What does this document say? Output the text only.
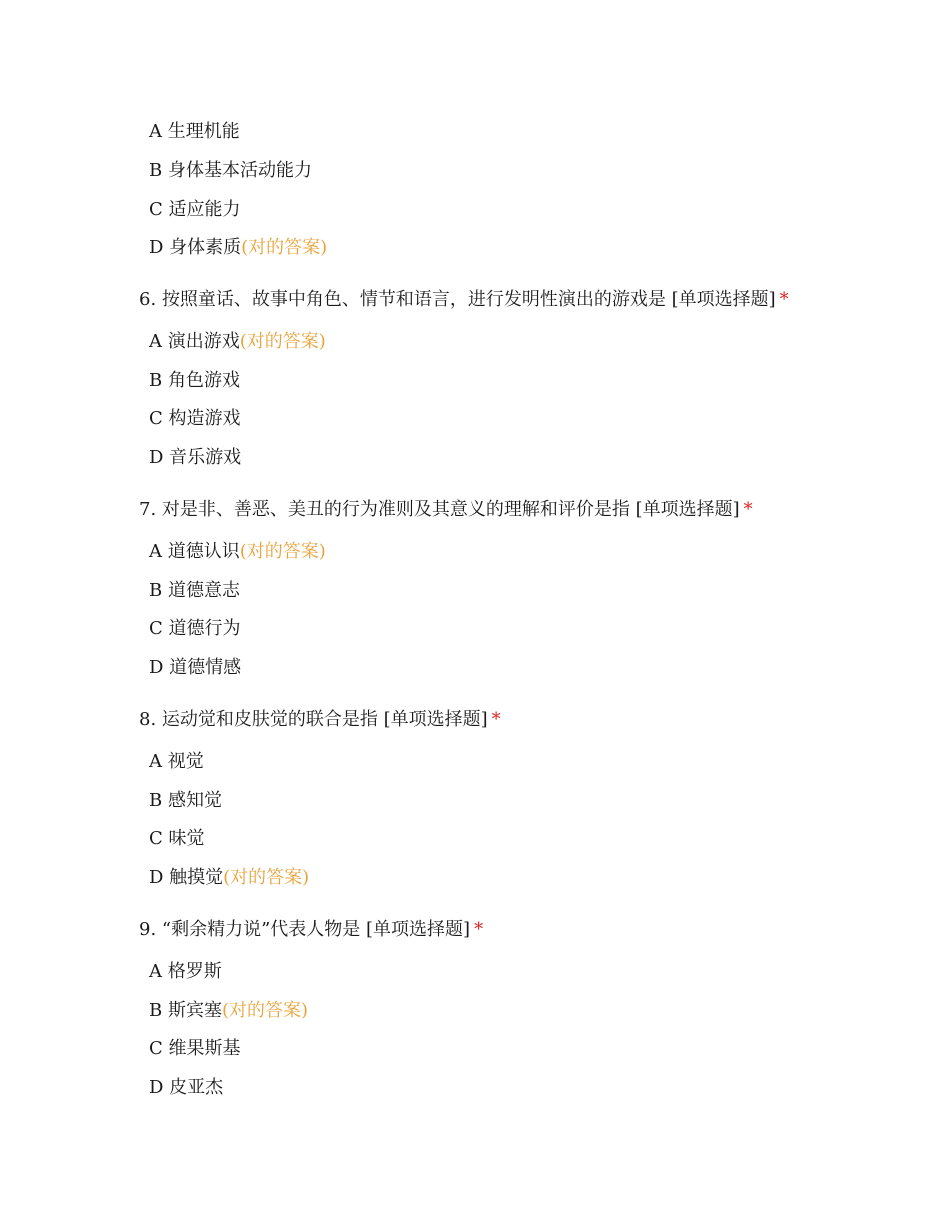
A 生理机能
B 身体基本活动能力
C 适应能力
D 身体素质(对的答案)
6. 按照童话、故事中角色、情节和语言，进行发明性演出的游戏是 [单项选择题] *
A 演出游戏(对的答案)
B 角色游戏
C 构造游戏
D 音乐游戏
7. 对是非、善恶、美丑的行为准则及其意义的理解和评价是指 [单项选择题] *
A 道德认识(对的答案)
B 道德意志
C 道德行为
D 道德情感
8. 运动觉和皮肤觉的联合是指 [单项选择题] *
A 视觉
B 感知觉
C 味觉
D 触摸觉(对的答案)
9. “剩余精力说”代表人物是 [单项选择题] *
A 格罗斯
B 斯宾塞(对的答案)
C 维果斯基
D 皮亚杰
